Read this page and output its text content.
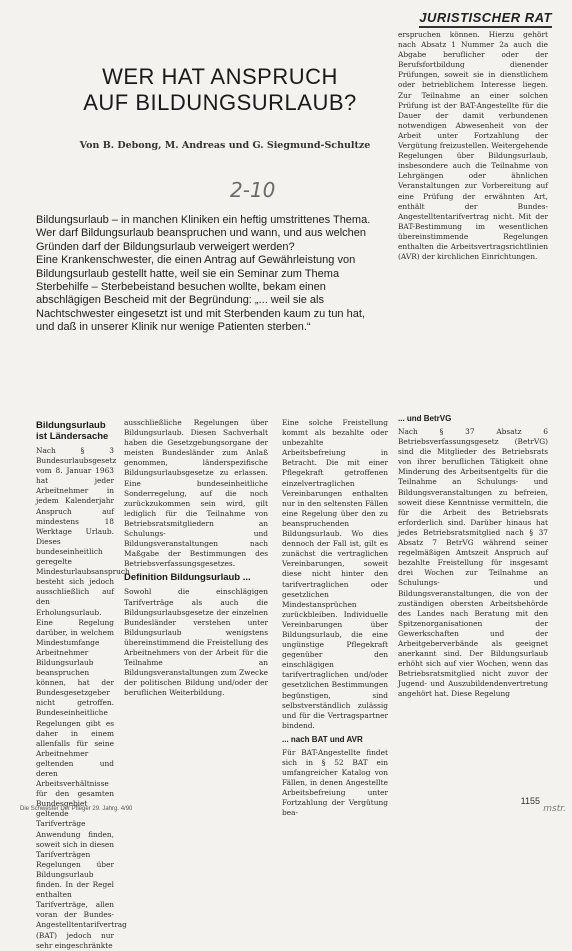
JURISTISCHER RAT
WER HAT ANSPRUCH
AUF BILDUNGSURLAUB?
Von B. Debong, M. Andreas und G. Siegmund-Schultze
2-10

Bildungsurlaub – in manchen Kliniken ein heftig umstrittenes Thema. Wer darf Bildungsurlaub beanspruchen und wann, und aus welchen Gründen darf der Bildungsurlaub verweigert werden?

Eine Krankenschwester, die einen Antrag auf Gewährleistung von Bildungsurlaub gestellt hatte, weil sie ein Seminar zum Thema Sterbehilfe – Sterbebeistand besuchen wollte, bekam einen abschlägigen Bescheid mit der Begründung: „... weil sie als Nachtschwester eingesetzt ist und mit Sterbenden kaum zu tun hat, und daß in unserer Klinik nur wenige Patienten sterben.“

erspruchen können. Hierzu gehört nach Absatz 1 Nummer 2a auch die Abgabe beruflicher oder der Berufsfortbildung dienender Prüfungen, soweit sie in dienstlichem oder betrieblichem Interesse liegen. Zur Teilnahme an einer solchen Prüfung ist der BAT-Angestellte für die Dauer der damit verbundenen notwendigen Abwesenheit von der Arbeit unter Fortzahlung der Vergütung freizustellen. Weitergehende Regelungen über Bildungsurlaub, insbesondere auch die Teilnahme von Lehrgängen oder ähnlichen Veranstaltungen zur Vorbereitung auf eine Prüfung der erwähnten Art, enthält der Bundes-Angestelltentarifvertrag nicht. Mit der BAT-Bestimmung im wesentlichen übereinstimmende Regelungen enthalten die Arbeitsvertragsrichtlinien (AVR) der kirchlichen Einrichtungen.

... und BetrVG

Nach § 37 Absatz 6 Betriebsverfassungsgesetz (BetrVG) sind die Mitglieder des Betriebsrats von ihrer beruflichen Tätigkeit ohne Minderung des Arbeitsentgelts für die Teilnahme an Schulungs- und Bildungsveranstaltungen zu befreien, soweit diese Kenntnisse vermitteln, die für die Arbeit des Betriebsrats erforderlich sind. Darüber hinaus hat jedes Betriebsratsmitglied nach § 37 Absatz 7 BetrVG während seiner regelmäßigen Amtszeit Anspruch auf bezahlte Freistellung für insgesamt drei Wochen zur Teilnahme an Schulungs- und Bildungsveranstaltungen, die von der zuständigen obersten Arbeitsbehörde des Landes nach Beratung mit den Spitzenorganisationen der Gewerkschaften und der Arbeitgeberverbände als geeignet anerkannt sind. Der Bildungsurlaub erhöht sich auf vier Wochen, wenn das Betriebsratsmitglied nicht zuvor der Jugend- und Auszubildendenvertretung angehört hat. Diese Regelung

Bildungsurlaub ist Ländersache

Nach § 3 Bundesurlaubsgesetz vom 8. Januar 1963 hat jeder Arbeitnehmer in jedem Kalenderjahr Anspruch auf mindestens 18 Werktage Urlaub. Dieses bundeseinheitlich geregelte Mindesturlaubsanspruch besteht sich jedoch ausschließlich auf den Erholungsurlaub. Eine Regelung darüber, in welchem Mindestumfange Arbeitnehmer Bildungsurlaub beanspruchen können, hat der Bundesgesetzgeber nicht getroffen. Bundeseinheitliche Regelungen gibt es daher in einem allenfalls für seine Arbeitnehmer geltenden und deren Arbeitsverhältnisse für den gesamten Bundesgebiet geltende Tarifverträge Anwendung finden, soweit sich in diesen Tarifverträgen Regelungen über Bildungsurlaub finden. In der Regel enthalten Tarifverträge, allen voran der Bundes-Angestelltentarifvertrag (BAT) jedoch nur sehr eingeschränkte

ausschließliche Regelungen über Bildungsurlaub. Diesen Sachverhalt haben die Gesetzgebungsorgane der meisten Bundesländer zum Anlaß genommen, länderspezifische Bildungsurlaubsgesetze zu erlassen. Eine bundeseinheitliche Sonderregelung, auf die noch zurückzukommen sein wird, gilt lediglich für die Teilnahme von Betriebsratsmitgliedern an Schulungs- und Bildungsveranstaltungen nach Maßgabe der Bestimmungen des Betriebsverfassungsgesetzes.

Definition Bildungsurlaub ...

Sowohl die einschlägigen Tarifverträge als auch die Bildungsurlaubsgesetze der einzelnen Bundesländer verstehen unter Bildungsurlaub wenigstens übereinstimmend die Freistellung des Arbeitnehmers von der Arbeit für die Teilnahme an Bildungsveranstaltungen zum Zwecke der politischen Bildung und/oder der beruflichen Weiterbildung.

Eine solche Freistellung kommt als bezahlte oder unbezahlte Arbeitsbefreiung in Betracht. Die mit einer Pflegekraft getroffenen einzelvertraglichen Vereinbarungen enthalten nur in den seltensten Fällen eine Regelung über den zu beanspruchenden Bildungsurlaub. Wo dies dennoch der Fall ist, gilt es zunächst die vertraglichen Vereinbarungen, soweit diese nicht hinter den tarifvertraglichen oder gesetzlichen Mindestansprüchen zurückbleiben. Individuelle Vereinbarungen über Bildungsurlaub, die eine ungünstige Pflegekraft gegenüber den einschlägigen tarifvertraglichen und/oder gesetzlichen Bestimmungen begünstigen, sind selbstverständlich zulässig und für die Vertragspartner bindend.

... nach BAT und AVR

Für BAT-Angestellte findet sich in § 52 BAT ein umfangreicher Katalog von Fällen, in denen Angestellte Arbeitsbefreiung unter Fortzahlung der Vergütung bea-

Die Schwester Der Pfleger 29. Jahrg. 4/90
1155
mstr.
